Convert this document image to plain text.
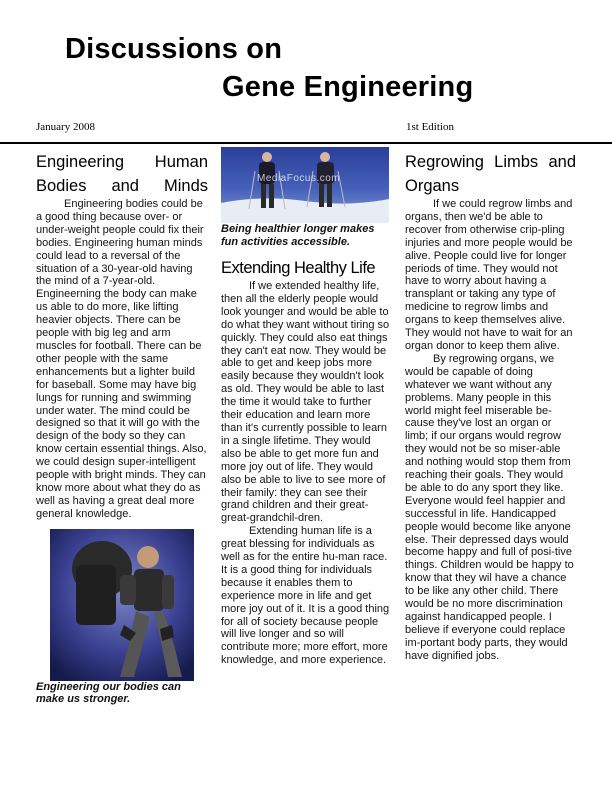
Discussions on
Gene Engineering
January 2008	1st Edition
Engineering Human Bodies and Minds

Engineering bodies could be a good thing because over- or under-weight people could fix their bodies. Engineering human minds could lead to a reversal of the situation of a 30-year-old having the mind of a 7-year-old. Engineerning the body can make us able to do more, like lifting heavier objects. There can be people with big leg and arm muscles for football. There can be other people with the same enhancements but a lighter build for baseball. Some may have big lungs for running and swimming under water. The mind could be designed so that it will go with the design of the body so they can know certain essential things. Also, we could design super-intelligent people with bright minds. They can know more about what they do as well as having a great deal more general knowledge.

Engineering our bodies can make us stronger.

MediaFocus.com

Being healthier longer makes fun activities accessible.

Extending Healthy Life

If we extended healthy life, then all the elderly people would look younger and would be able to do what they want without tiring so quickly. They could also eat things they can't eat now. They would be able to get and keep jobs more easily because they wouldn't look as old. They would be able to last the time it would take to further their education and learn more than it's currently possible to learn in a single lifetime. They would also be able to get more fun and more joy out of life. They would also be able to live to see more of their family: they can see their grand children and their great-great-grandchil-dren.

Extending human life is a great blessing for individuals as well as for the entire hu-man race. It is a good thing for individuals because it enables them to experience more in life and get more joy out of it. It is a good thing for all of society because people will live longer and so will contribute more; more effort, more knowledge, and more experience.

Regrowing Limbs and Organs

If we could regrow limbs and organs, then we'd be able to recover from otherwise crip-pling injuries and more people would be alive. People could live for longer periods of time. They would not have to worry about having a transplant or taking any type of medicine to regrow limbs and organs to keep themselves alive. They would not have to wait for an organ donor to keep them alive.

By regrowing organs, we would be capable of doing whatever we want without any problems. Many people in this world might feel miserable be-cause they've lost an organ or limb; if our organs would regrow they would not be so miser-able and nothing would stop them from reaching their goals. They would be able to do any sport they like. Everyone would feel happier and successful in life. Handicapped people would become like anyone else. Their depressed days would become happy and full of posi-tive things. Children would be happy to know that they wil have a chance to be like any other child. There would be no more discrimination against handicapped people. I believe if everyone could replace im-portant body parts, they would have dignified jobs.
